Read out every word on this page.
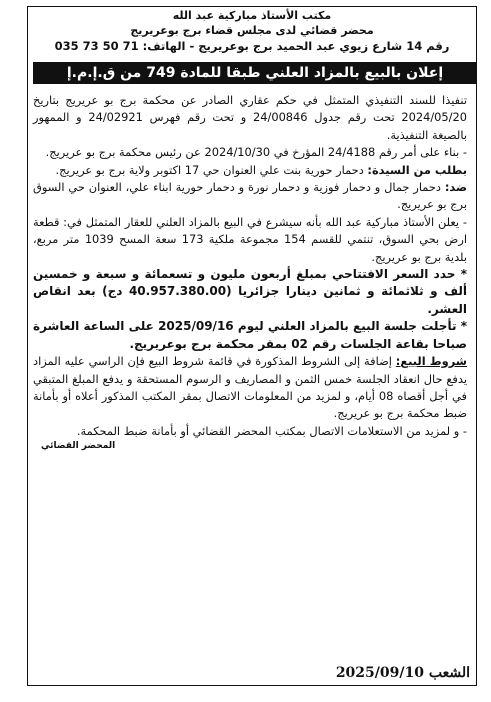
مكتب الأستاذ مباركية عبد الله
محضر قضائي لدى مجلس قضاء برج بوعريريج
رقم 14 شارع زيوي عبد الحميد برج بوعريريج - الهاتف: 71 50 73 035
إعلان بالبيع بالمزاد العلني طبقا للمادة 749 من ق.إ.م.إ

تنفيذا للسند التنفيذي المتمثل في حكم عقاري الصادر عن محكمة برج بو عريريج بتاريخ 2024/05/20 تحت رقم جدول 24/00846 و تحت رقم فهرس 24/02921 و الممهور بالصيغة التنفيذية.

- بناء على أمر رقم 24/4188 المؤرخ في 2024/10/30 عن رئيس محكمة برج بو عريريج.

بطلب من السيدة: دحمار حورية بنت علي العنوان حي 17 اكتوبر ولاية برج بو عريريج.

ضد: دحمار جمال و دحمار فوزية و دحمار نورة و دحمار حورية ابناء علي، العنوان حي السوق برج بو عريريج.

- يعلن الأستاذ مباركية عبد الله بأنه سيشرع في البيع بالمزاد العلني للعقار المتمثل في: قطعة ارض بحي السوق، تنتمي للقسم 154 مجموعة ملكية 173 سعة المسح 1039 متر مربع، بلدية برج بو عريريج.

* حدد السعر الافتتاحي بمبلغ أربعون مليون و تسعمائة و سبعة و خمسين ألف و ثلاثمائة و ثمانين دينارا جزائريا (40.957.380.00 دج) بعد انقاص العشر.

* تأجلت جلسة البيع بالمزاد العلني ليوم 2025/09/16 على الساعة العاشرة صباحا بقاعة الجلسات رقم 02 بمقر محكمة برج بوعريريج.

شروط البيع: إضافة إلى الشروط المذكورة في قائمة شروط البيع فإن الراسي عليه المزاد يدفع حال انعقاد الجلسة خمس الثمن و المصاريف و الرسوم المستحقة و يدفع المبلغ المتبقي في أجل أقصاه 08 أيام، و لمزيد من المعلومات الاتصال بمقر المكتب المذكور أعلاه أو بأمانة ضبط محكمة برج بو عريريج.

- و لمزيد من الاستعلامات الاتصال بمكتب المحضر القضائي أو بأمانة ضبط المحكمة.

المحضر القضائي
الشعب 2025/09/10
